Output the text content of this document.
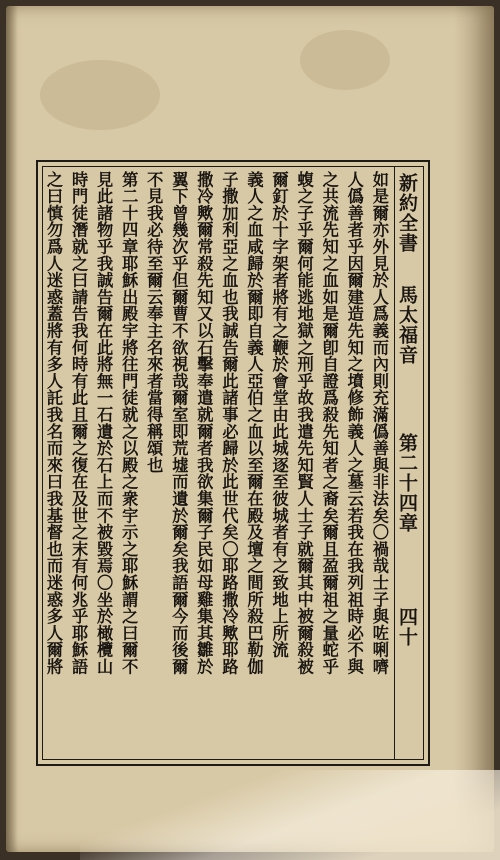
新約全書
馬太福音
第二十四章
四十
如是爾亦外見於人爲義而內則充滿僞善與非法矣〇禍哉士子與咗唎嚌
人僞善者乎因爾建造先知之墳修飾義人之墓云若我在我列祖時必不與
之共流先知之血如是爾卽自證爲殺先知者之裔矣爾且盈爾祖之量蛇乎
蝮之子乎爾何能逃地獄之刑乎故我遣先知賢人士子就爾其中被爾殺被
爾釘於十字架者將有之鞭於會堂由此城逐至彼城者有之致地上所流
義人之血咸歸於爾即自義人亞伯之血以至爾在殿及壇之間所殺巴勒伽
子撒加利亞之血也我誠告爾此諸事必歸於此世代矣〇耶路撒冷歟耶路
撒冷歟爾常殺先知又以石擊奉遣就爾者我欲集爾子民如母雞集其雛於
翼下曾幾次乎但爾曹不欲視哉爾室即荒墟而遺於爾矣我語爾今而後爾
不見我必待至爾云奉主名來者當得稱頌也
第二十四章耶穌出殿宇將往門徒就之以殿之衆宇示之耶穌謂之曰爾不
見此諸物乎我誠告爾在此將無一石遺於石上而不被毀焉〇坐於橄欖山
時門徒潛就之曰請告我何時有此且爾之復在及世之末有何兆乎耶穌語
之曰慎勿爲人迷惑蓋將有多人託我名而來曰我基督也而迷惑多人爾將
